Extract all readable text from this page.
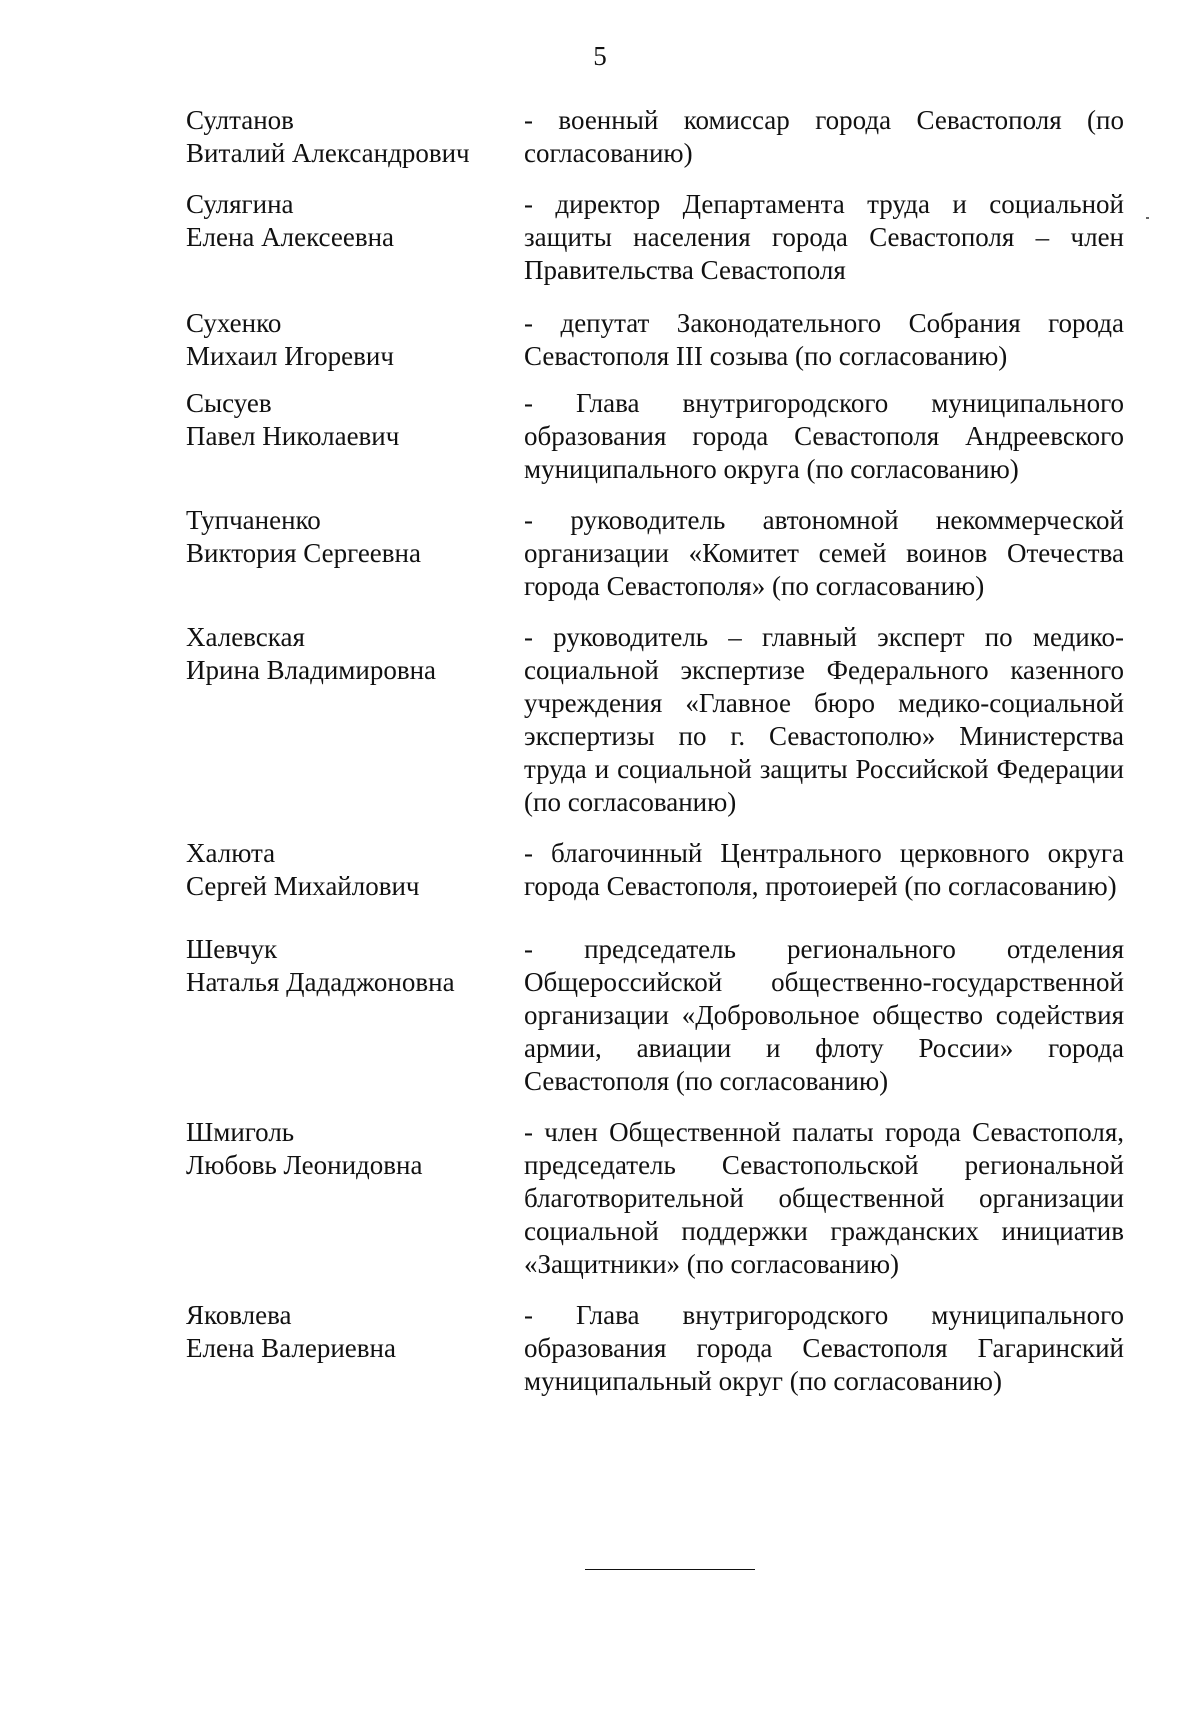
5
Султанов
Виталий Александрович
- военный комиссар города Севастополя (по согласованию)
Сулягина
Елена Алексеевна
- директор Департамента труда и социальной защиты населения города Севастополя – член Правительства Севастополя
Сухенко
Михаил Игоревич
- депутат Законодательного Собрания города Севастополя III созыва (по согласованию)
Сысуев
Павел Николаевич
- Глава внутригородского муниципального образования города Севастополя Андреевского муниципального округа (по согласованию)
Тупчаненко
Виктория Сергеевна
- руководитель автономной некоммерческой организации «Комитет семей воинов Отечества города Севастополя» (по согласованию)
Халевская
Ирина Владимировна
- руководитель – главный эксперт по медико-социальной экспертизе Федерального казенного учреждения «Главное бюро медико-социальной экспертизы по г. Севастополю» Министерства труда и социальной защиты Российской Федерации (по согласованию)
Халюта
Сергей Михайлович
- благочинный Центрального церковного округа города Севастополя, протоиерей (по согласованию)
Шевчук
Наталья Дададжоновна
- председатель регионального отделения Общероссийской общественно-государственной организации «Добровольное общество содействия армии, авиации и флоту России» города Севастополя (по согласованию)
Шмиголь
Любовь Леонидовна
- член Общественной палаты города Севастополя, председатель Севастопольской региональной благотворительной общественной организации социальной поддержки гражданских инициатив «Защитники» (по согласованию)
Яковлева
Елена Валериевна
- Глава внутригородского муниципального образования города Севастополя Гагаринский муниципальный округ (по согласованию)
